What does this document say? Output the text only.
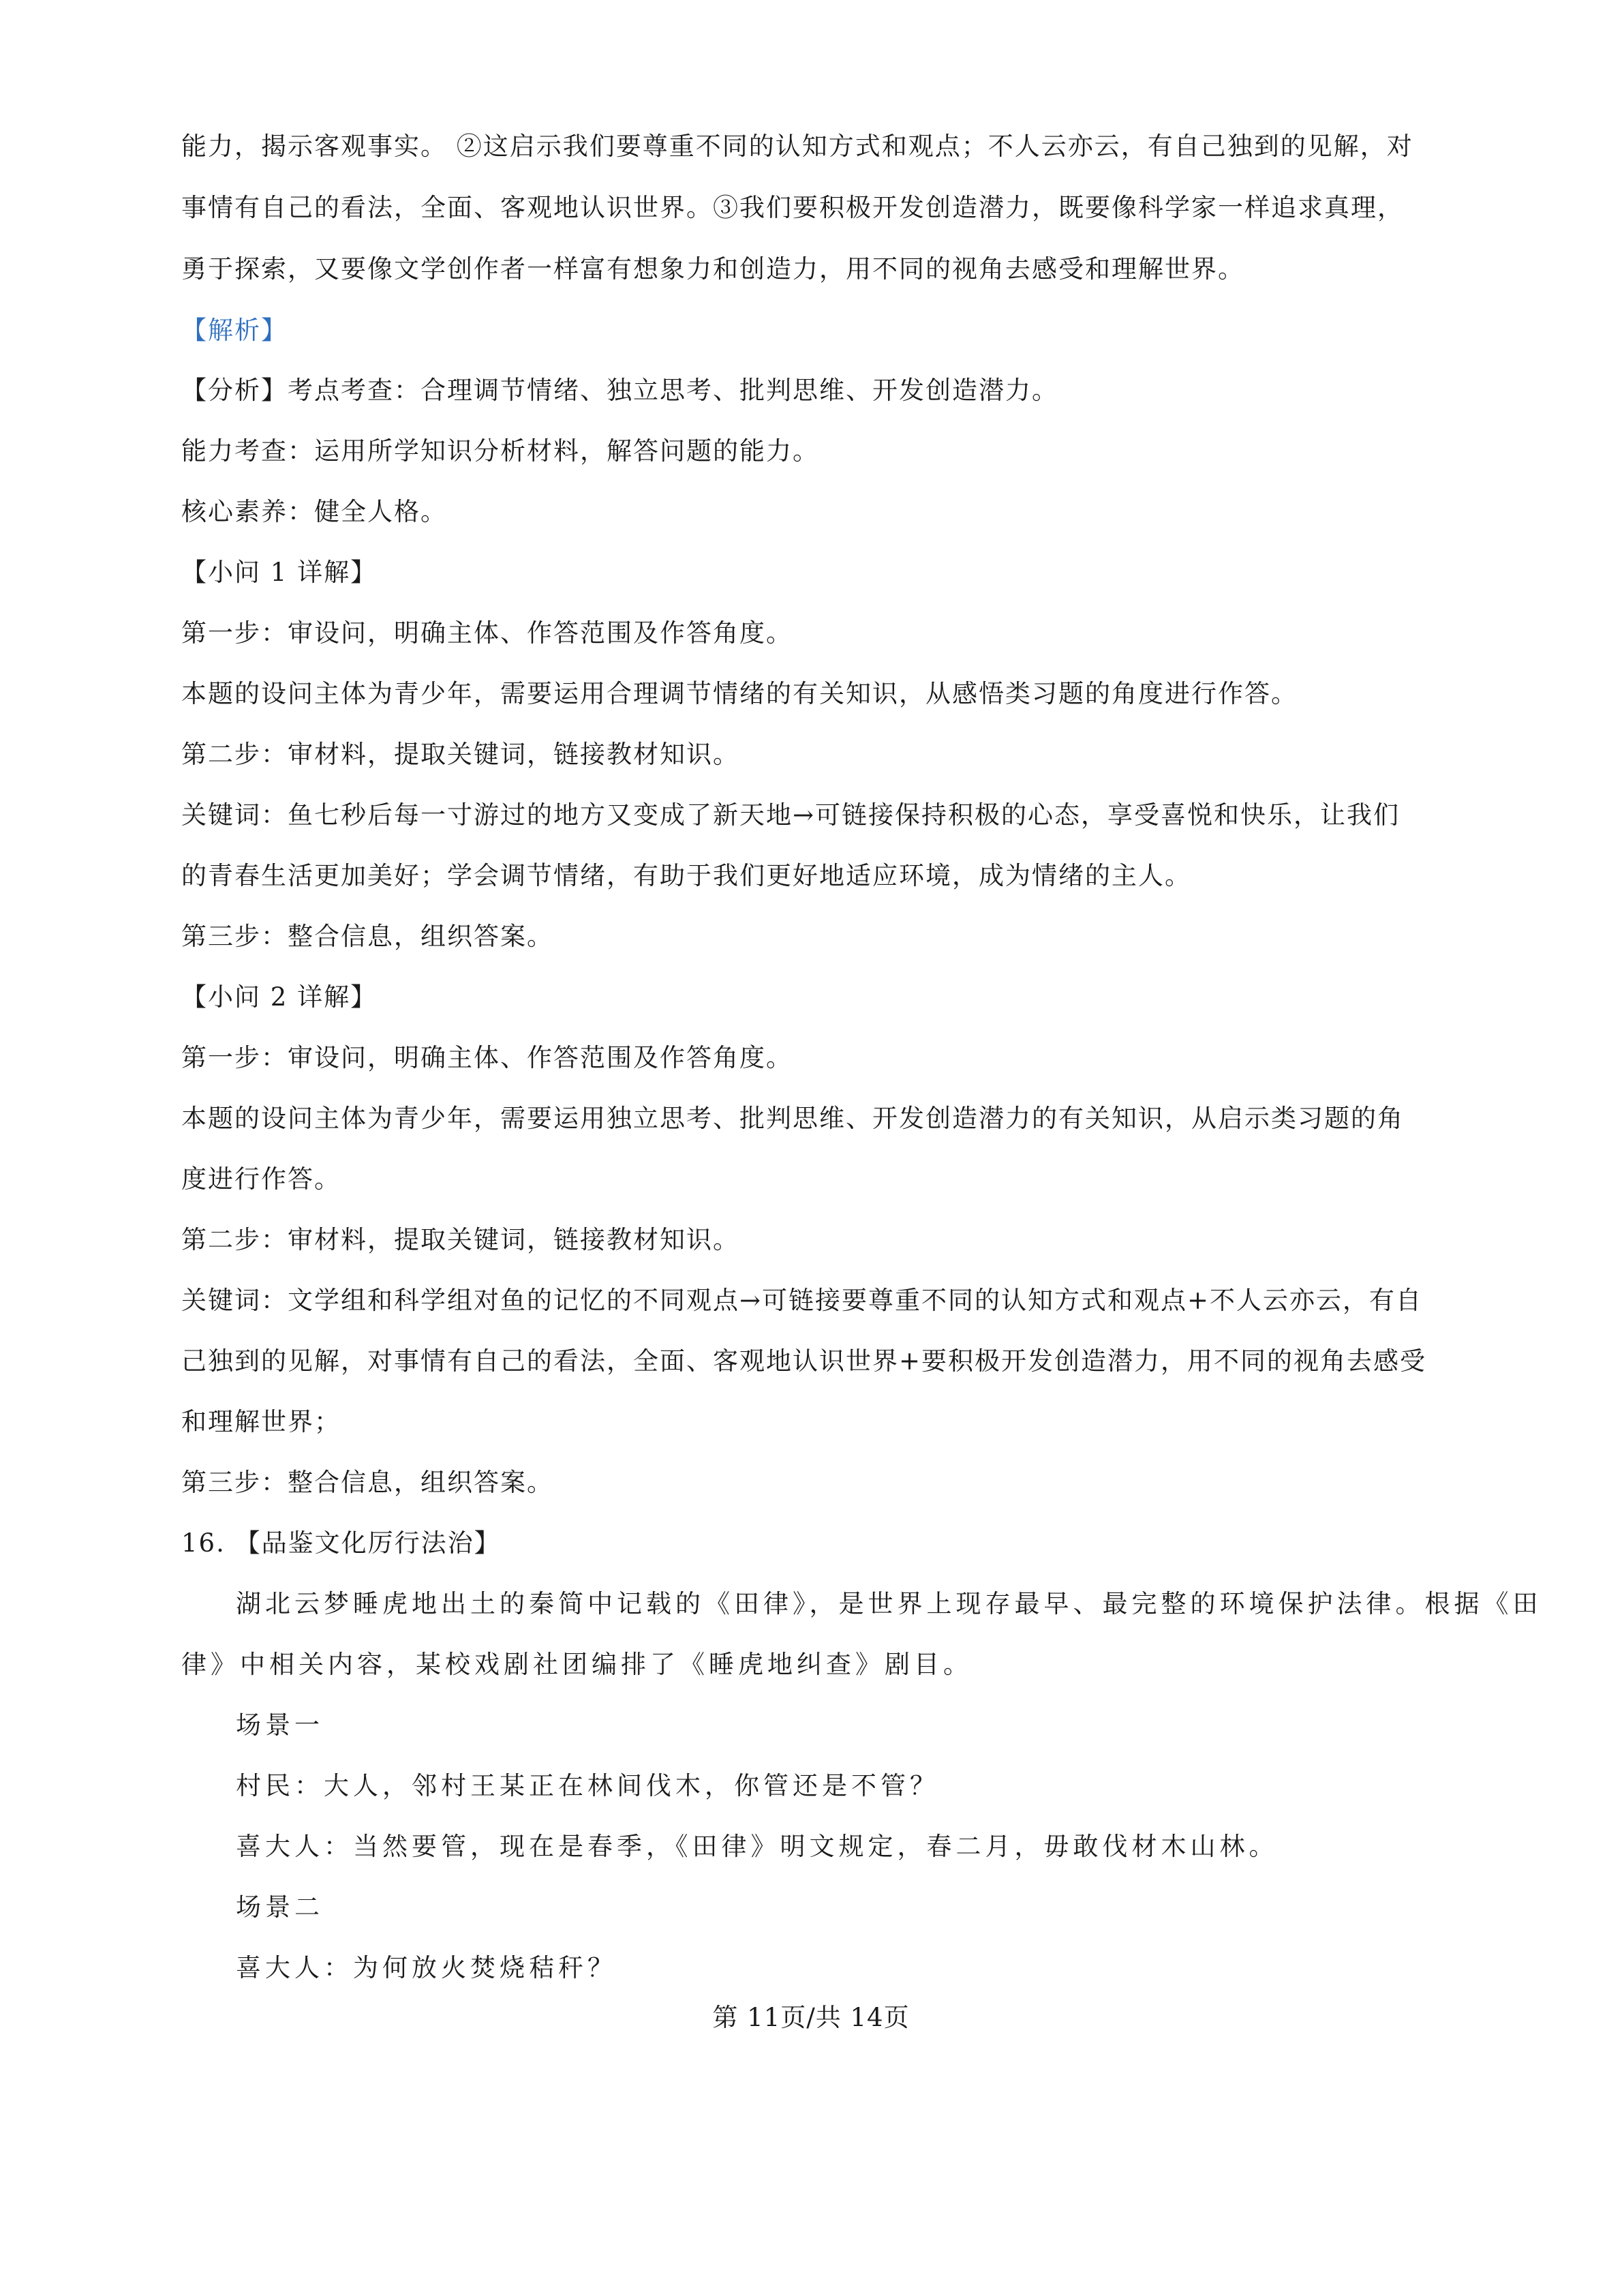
能力，揭示客观事实。 ②这启示我们要尊重不同的认知方式和观点；不人云亦云，有自己独到的见解，对
事情有自己的看法，全面、客观地认识世界。③我们要积极开发创造潜力，既要像科学家一样追求真理，
勇于探索，又要像文学创作者一样富有想象力和创造力，用不同的视角去感受和理解世界。
【解析】
【分析】考点考查：合理调节情绪、独立思考、批判思维、开发创造潜力。
能力考查：运用所学知识分析材料，解答问题的能力。
核心素养：健全人格。
【小问 1 详解】
第一步：审设问，明确主体、作答范围及作答角度。
本题的设问主体为青少年，需要运用合理调节情绪的有关知识，从感悟类习题的角度进行作答。
第二步：审材料，提取关键词，链接教材知识。
关键词：鱼七秒后每一寸游过的地方又变成了新天地→可链接保持积极的心态，享受喜悦和快乐，让我们
的青春生活更加美好；学会调节情绪，有助于我们更好地适应环境，成为情绪的主人。
第三步：整合信息，组织答案。
【小问 2 详解】
第一步：审设问，明确主体、作答范围及作答角度。
本题的设问主体为青少年，需要运用独立思考、批判思维、开发创造潜力的有关知识，从启示类习题的角
度进行作答。
第二步：审材料，提取关键词，链接教材知识。
关键词：文学组和科学组对鱼的记忆的不同观点→可链接要尊重不同的认知方式和观点+不人云亦云，有自
己独到的见解，对事情有自己的看法，全面、客观地认识世界+要积极开发创造潜力，用不同的视角去感受
和理解世界；
第三步：整合信息，组织答案。
16. 【品鉴文化厉行法治】
湖北云梦睡虎地出土的秦简中记载的《田律》，是世界上现存最早、最完整的环境保护法律。根据《田
律》中相关内容，某校戏剧社团编排了《睡虎地纠查》剧目。
场景一
村民：大人，邻村王某正在林间伐木，你管还是不管？
喜大人：当然要管，现在是春季，《田律》明文规定，春二月，毋敢伐材木山林。
场景二
喜大人：为何放火焚烧秸秆？
第 11页/共 14页
